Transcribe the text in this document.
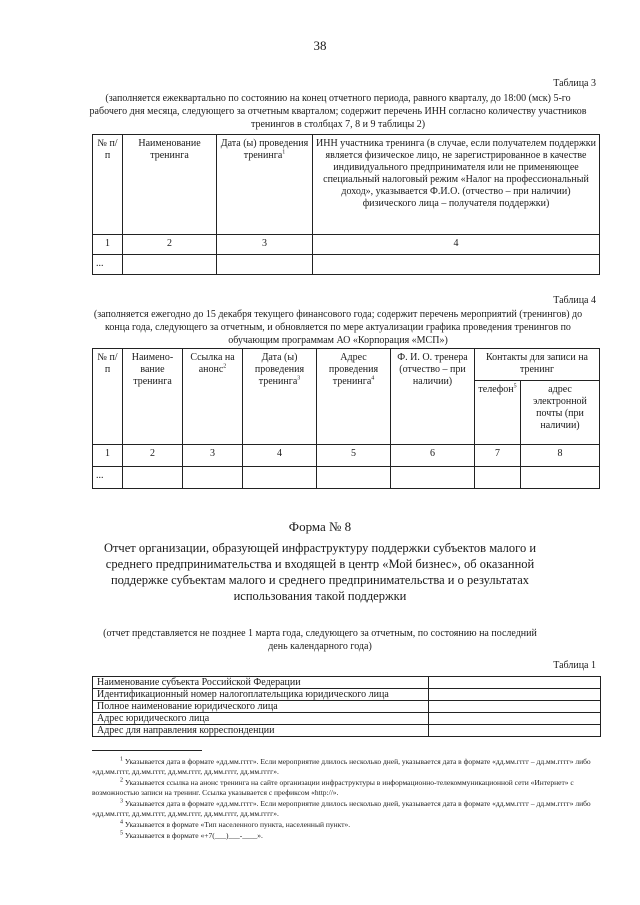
38
Таблица 3
(заполняется ежеквартально по состоянию на конец отчетного периода, равного кварталу, до 18:00 (мск) 5-го рабочего дня месяца, следующего за отчетным кварталом; содержит перечень ИНН согласно количеству участников тренингов в столбцах 7, 8 и 9 таблицы 2)
№ п/п	Наименование тренинга	Дата (ы) проведения тренинга$^1$	ИНН участника тренинга (в случае, если получателем поддержки является физическое лицо, не зарегистрированное в качестве индивидуального предпринимателя или не применяющее специальный налоговый режим «Налог на профессиональный доход», указывается Ф.И.О. (отчество – при наличии) физического лица – получателя поддержки)
1	2	3	4
...			
Таблица 4
(заполняется ежегодно до 15 декабря текущего финансового года; содержит перечень мероприятий (тренингов) до конца года, следующего за отчетным, и обновляется по мере актуализации графика проведения тренингов по обучающим программам АО «Корпорация «МСП»)
№ п/п	Наимено-вание тренинга	Ссылка на анонс$^2$	Дата (ы) проведения тренинга$^3$	Адрес проведения тренинга$^4$	Ф. И. О. тренера (отчество – при наличии)	Контакты для записи на тренинг	
						телефон$^5$	адрес электронной почты (при наличии)
1	2	3	4	5	6	7	8
...							
Форма № 8
Отчет организации, образующей инфраструктуру поддержки субъектов малого и среднего предпринимательства и входящей в центр «Мой бизнес», об оказанной поддержке субъектам малого и среднего предпринимательства и о результатах использования такой поддержки
(отчет представляется не позднее 1 марта года, следующего за отчетным, по состоянию на последний день календарного года)
Таблица 1
Наименование субъекта Российской Федерации	
Идентификационный номер налогоплательщика юридического лица	
Полное наименование юридического лица	
Адрес юридического лица	
Адрес для направления корреспонденции	

$^1$ Указывается дата в формате «дд.мм.гггг». Если мероприятие длилось несколько дней, указывается дата в формате «дд.мм.гггг – дд.мм.гггг» либо «дд.мм.гггг, дд.мм.гггг, дд.мм.гггг, дд.мм.гггг, дд.мм.гггг».

$^2$ Указывается ссылка на анонс тренинга на сайте организации инфраструктуры в информационно-телекоммуникационной сети «Интернет» с возможностью записи на тренинг. Ссылка указывается с префиксом «http://».

$^3$ Указывается дата в формате «дд.мм.гггг». Если мероприятие длилось несколько дней, указывается дата в формате «дд.мм.гггг – дд.мм.гггг» либо «дд.мм.гггг, дд.мм.гггг, дд.мм.гггг, дд.мм.гггг, дд.мм.гггг».

$^4$ Указывается в формате «Тип населенного пункта, населенный пункт».

$^5$ Указывается в формате «+7(___)___-____».
